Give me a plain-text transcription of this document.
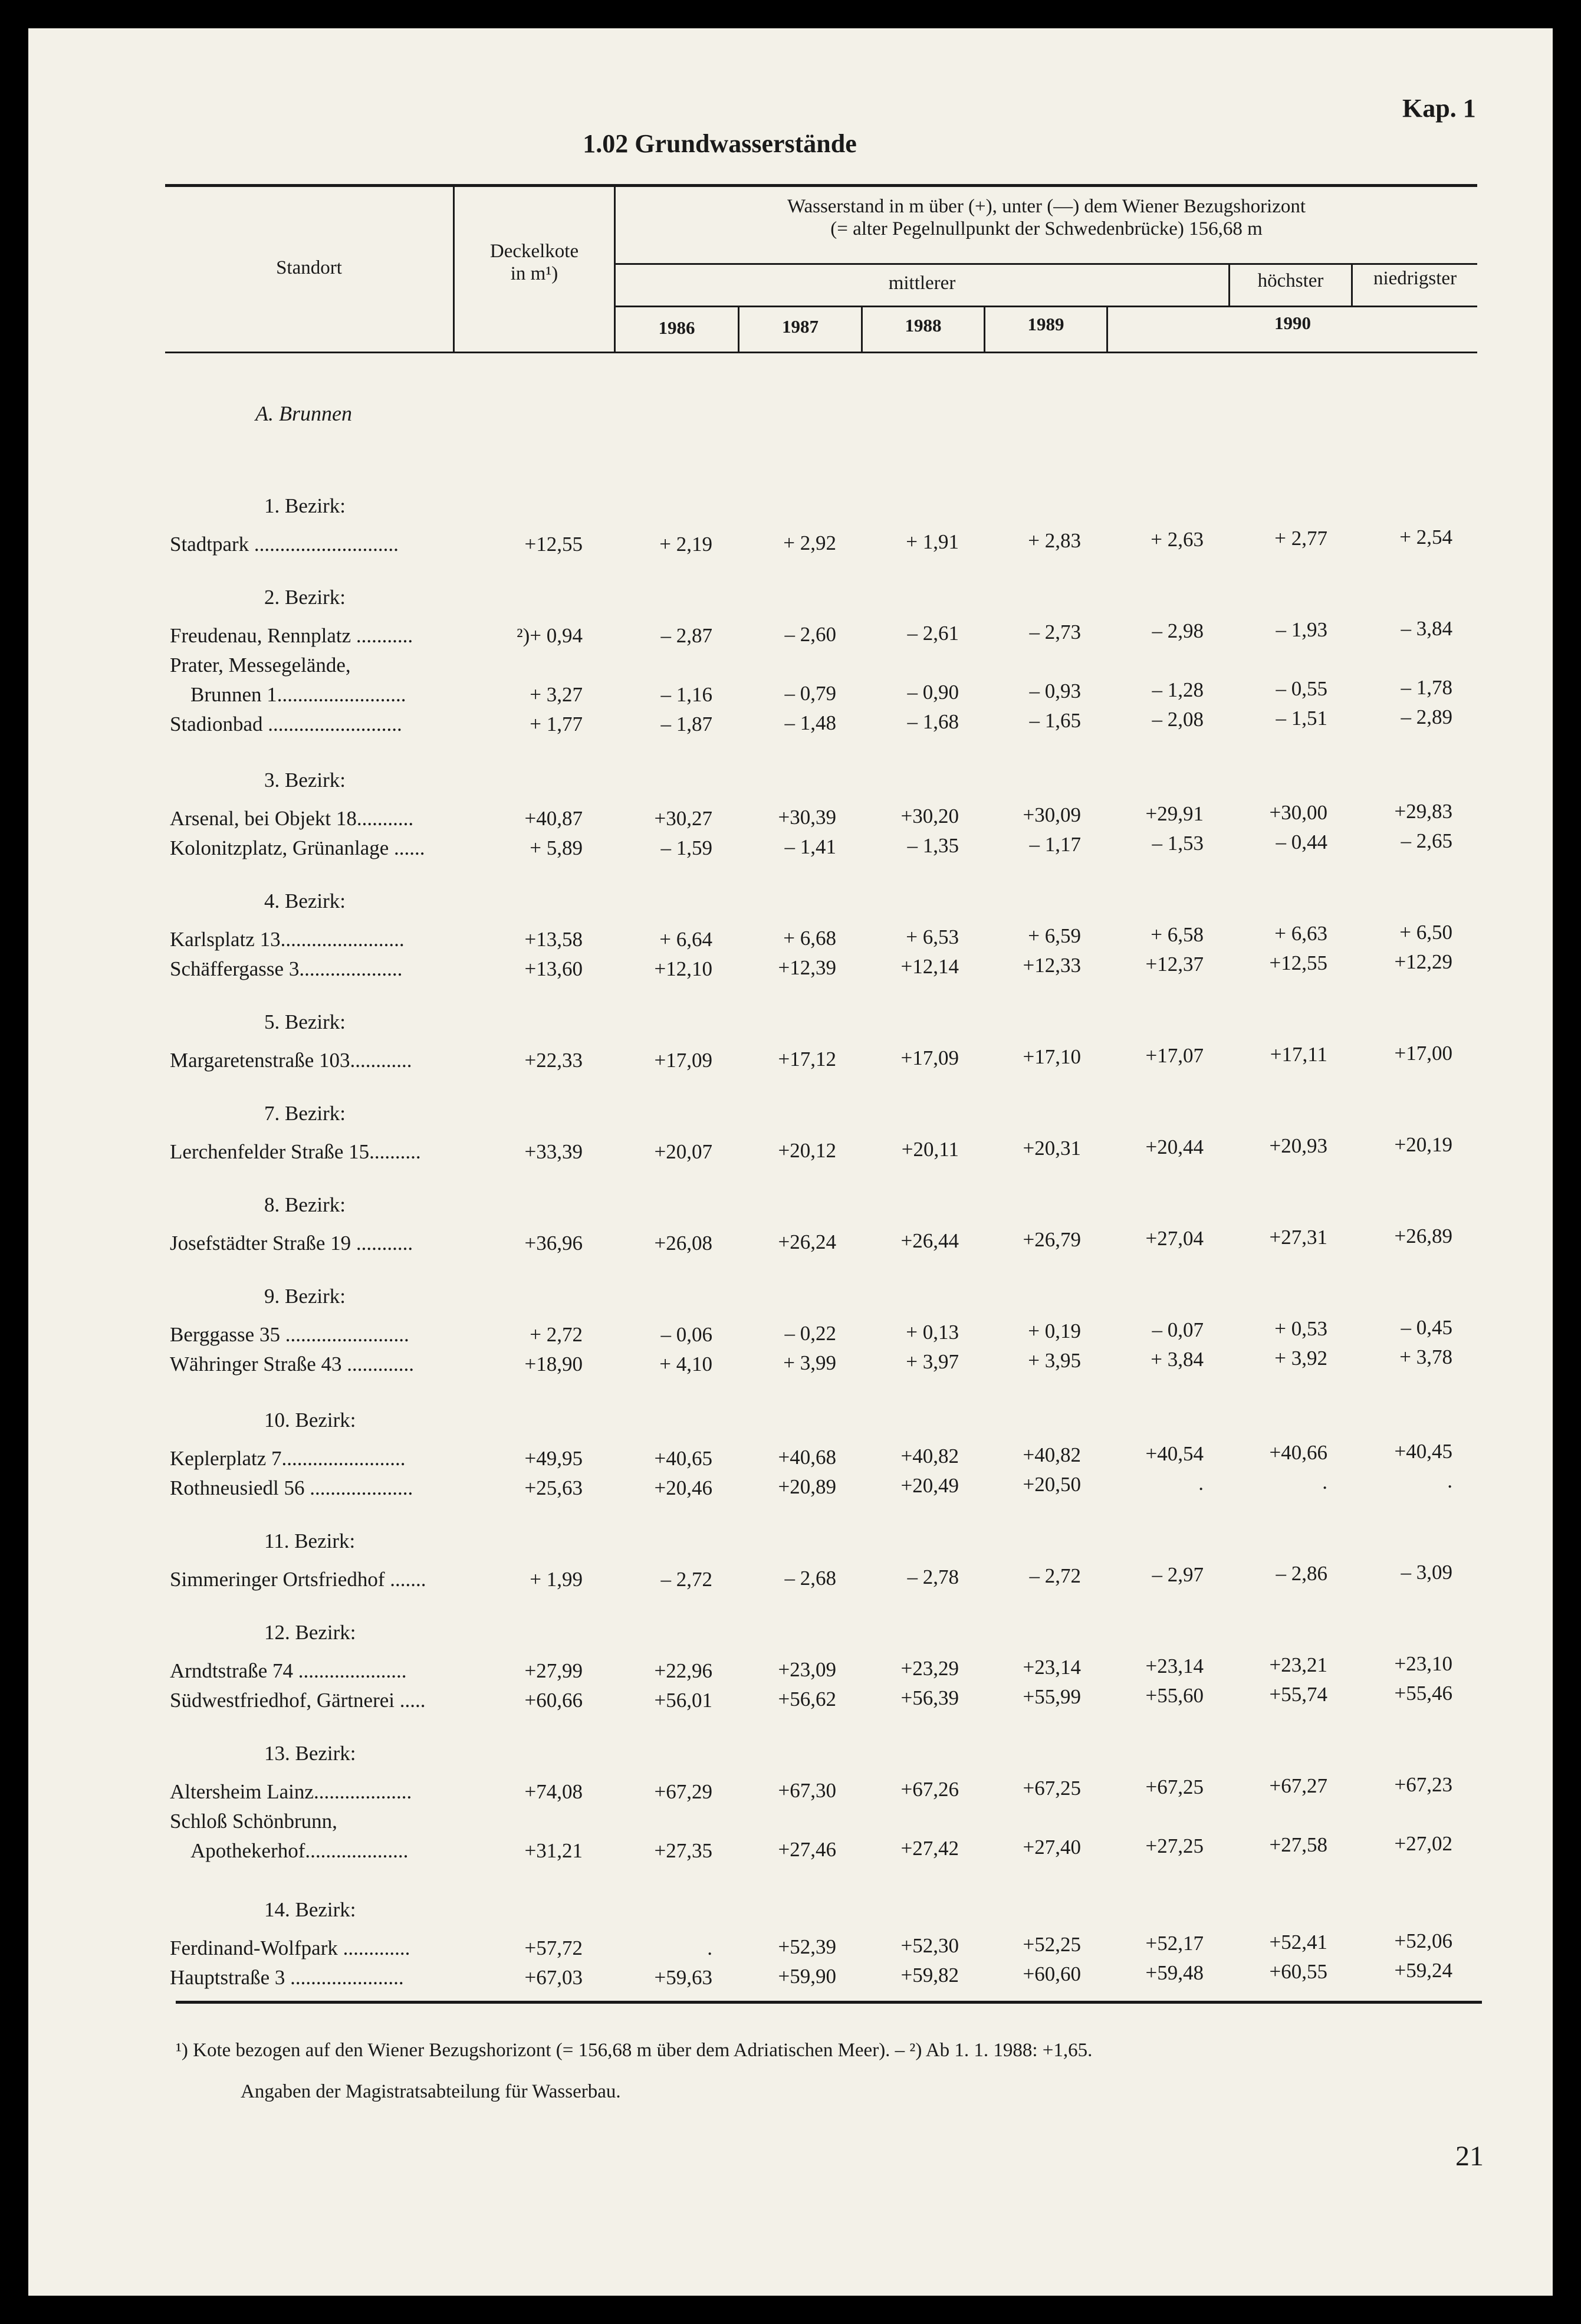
Kap. 1
1.02 Grundwasserstände
Standort
Deckelkote
in m¹)
Wasserstand in m über (+), unter (—) dem Wiener Bezugshorizont
(= alter Pegelnullpunkt der Schwedenbrücke) 156,68 m
mittlerer	höchster	niedrigster
1986	1987	1988	1989	1990
A. Brunnen
1. Bezirk:
Stadtpark ............................	+12,55	+ 2,19	+ 2,92	+ 1,91	+ 2,83	+ 2,63	+ 2,77	+ 2,54
2. Bezirk:
Freudenau, Rennplatz ...........	²)+ 0,94	– 2,87	– 2,60	– 2,61	– 2,73	– 2,98	– 1,93	– 3,84
Prater, Messegelände,
Brunnen 1.........................	+ 3,27	– 1,16	– 0,79	– 0,90	– 0,93	– 1,28	– 0,55	– 1,78
Stadionbad ..........................	+ 1,77	– 1,87	– 1,48	– 1,68	– 1,65	– 2,08	– 1,51	– 2,89
3. Bezirk:
Arsenal, bei Objekt 18...........	+40,87	+30,27	+30,39	+30,20	+30,09	+29,91	+30,00	+29,83
Kolonitzplatz, Grünanlage ......	+ 5,89	– 1,59	– 1,41	– 1,35	– 1,17	– 1,53	– 0,44	– 2,65
4. Bezirk:
Karlsplatz 13........................	+13,58	+ 6,64	+ 6,68	+ 6,53	+ 6,59	+ 6,58	+ 6,63	+ 6,50
Schäffergasse 3....................	+13,60	+12,10	+12,39	+12,14	+12,33	+12,37	+12,55	+12,29
5. Bezirk:
Margaretenstraße 103............	+22,33	+17,09	+17,12	+17,09	+17,10	+17,07	+17,11	+17,00
7. Bezirk:
Lerchenfelder Straße 15..........	+33,39	+20,07	+20,12	+20,11	+20,31	+20,44	+20,93	+20,19
8. Bezirk:
Josefstädter Straße 19 ...........	+36,96	+26,08	+26,24	+26,44	+26,79	+27,04	+27,31	+26,89
9. Bezirk:
Berggasse 35 ........................	+ 2,72	– 0,06	– 0,22	+ 0,13	+ 0,19	– 0,07	+ 0,53	– 0,45
Währinger Straße 43 .............	+18,90	+ 4,10	+ 3,99	+ 3,97	+ 3,95	+ 3,84	+ 3,92	+ 3,78
10. Bezirk:
Keplerplatz 7........................	+49,95	+40,65	+40,68	+40,82	+40,82	+40,54	+40,66	+40,45
Rothneusiedl 56 ....................	+25,63	+20,46	+20,89	+20,49	+20,50	.	.	.
11. Bezirk:
Simmeringer Ortsfriedhof .......	+ 1,99	– 2,72	– 2,68	– 2,78	– 2,72	– 2,97	– 2,86	– 3,09
12. Bezirk:
Arndtstraße 74 .....................	+27,99	+22,96	+23,09	+23,29	+23,14	+23,14	+23,21	+23,10
Südwestfriedhof, Gärtnerei .....	+60,66	+56,01	+56,62	+56,39	+55,99	+55,60	+55,74	+55,46
13. Bezirk:
Altersheim Lainz...................	+74,08	+67,29	+67,30	+67,26	+67,25	+67,25	+67,27	+67,23
Schloß Schönbrunn,
Apothekerhof....................	+31,21	+27,35	+27,46	+27,42	+27,40	+27,25	+27,58	+27,02
14. Bezirk:
Ferdinand-Wolfpark .............	+57,72	.	+52,39	+52,30	+52,25	+52,17	+52,41	+52,06
Hauptstraße 3 ......................	+67,03	+59,63	+59,90	+59,82	+60,60	+59,48	+60,55	+59,24
¹) Kote bezogen auf den Wiener Bezugshorizont (= 156,68 m über dem Adriatischen Meer). – ²) Ab 1. 1. 1988: +1,65.
Angaben der Magistratsabteilung für Wasserbau.
21
